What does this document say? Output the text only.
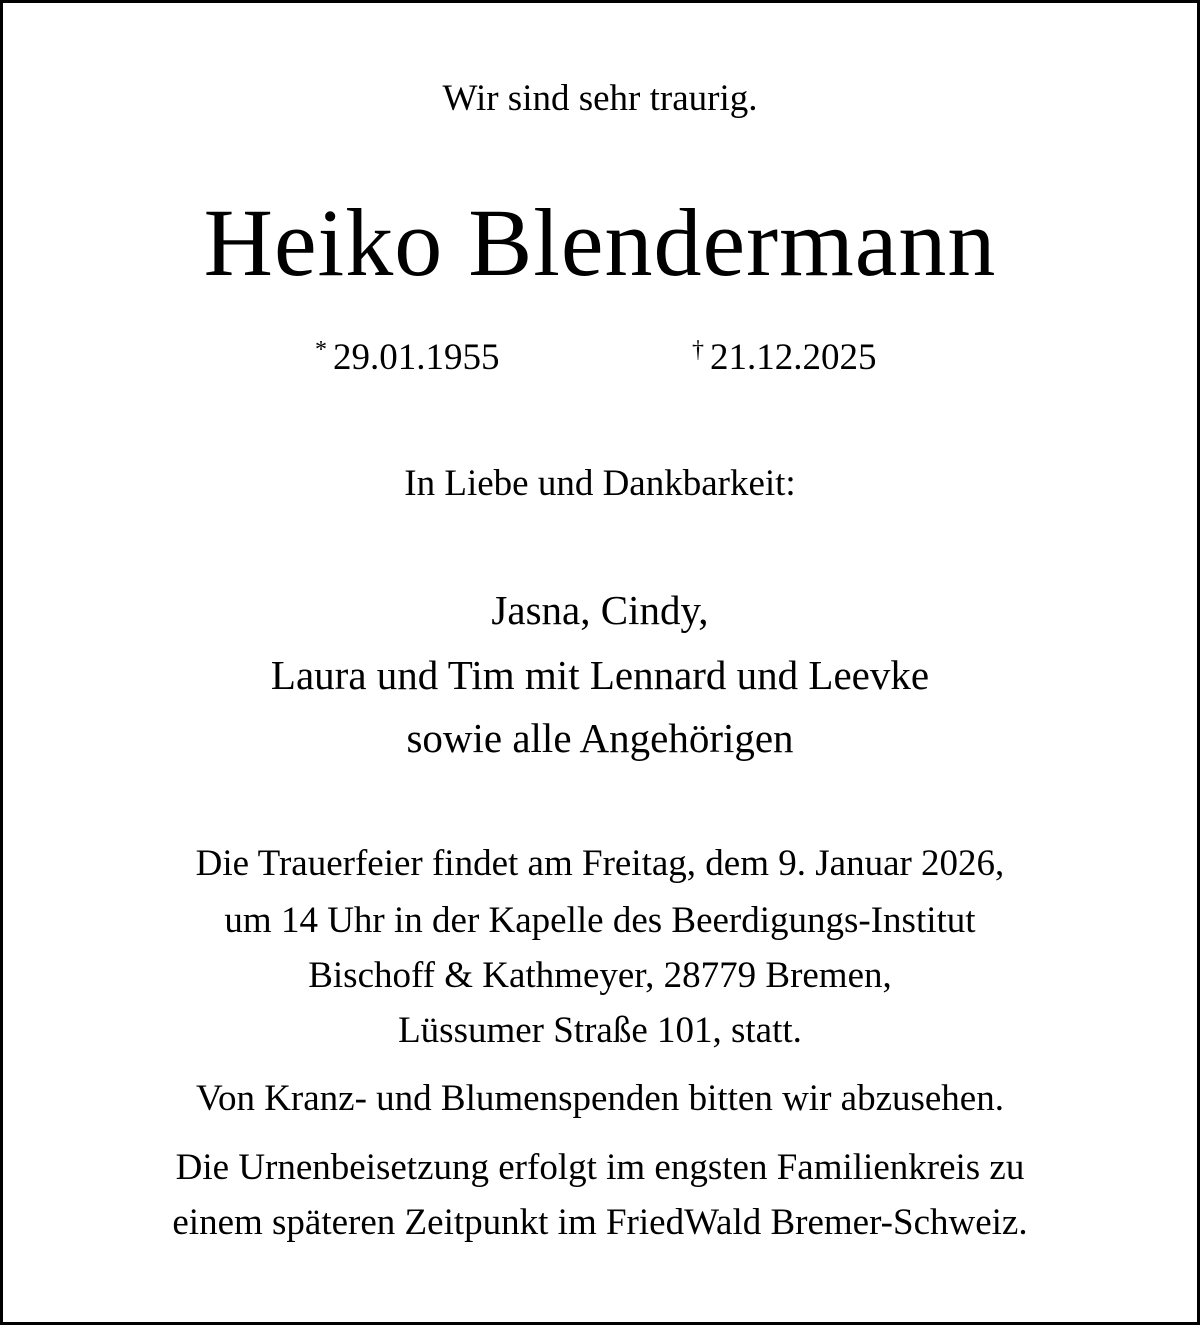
Wir sind sehr traurig.
Heiko Blendermann
* 29.01.1955	† 21.12.2025
In Liebe und Dankbarkeit:
Jasna, Cindy,
Laura und Tim mit Lennard und Leevke
sowie alle Angehörigen
Die Trauerfeier findet am Freitag, dem 9. Januar 2026,
um 14 Uhr in der Kapelle des Beerdigungs-Institut
Bischoff & Kathmeyer, 28779 Bremen,
Lüssumer Straße 101, statt.
Von Kranz- und Blumenspenden bitten wir abzusehen.
Die Urnenbeisetzung erfolgt im engsten Familienkreis zu
einem späteren Zeitpunkt im FriedWald Bremer-Schweiz.
